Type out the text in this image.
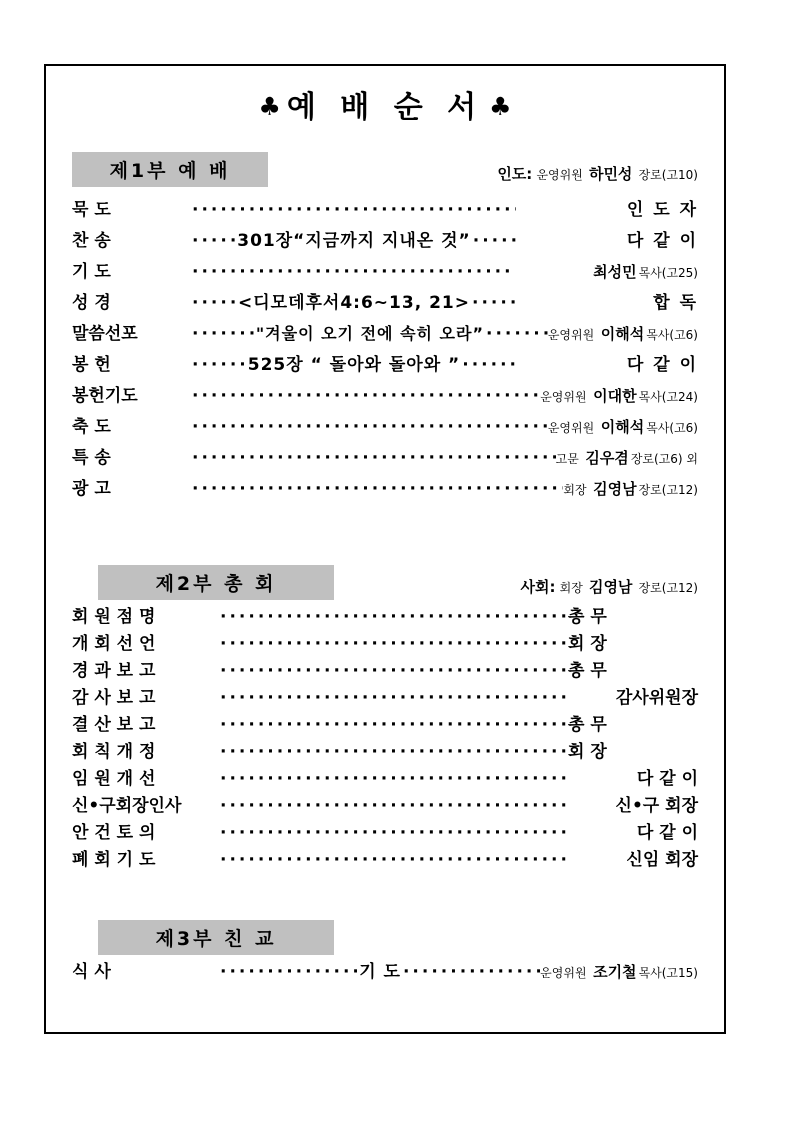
♣ 예 배 순 서 ♣
제1부 예 배	인도: 운영위원 하민성 장로(고10)
묵 도 ·····	인 도 자
찬 송 ·····	301장“지금까지 지내온 것” ·····	다 같 이
기 도 ·····	최성민 목사(고25)
성 경 ·····	<디모데후서4:6~13, 21> ·····	합 독
말씀선포 ·····	"겨울이 오기 전에 속히 오라” ·····	운영위원 이해석 목사(고6)
봉 헌 ·····	525장 “ 돌아와 돌아와 ” ·····	다 같 이
봉헌기도 ·····	운영위원 이대한 목사(고24)
축 도 ·····	운영위원 이해석 목사(고6)
특 송 ·····	고문 김우겸 장로(고6) 외
광 고 ·····	회장 김영남 장로(고12)
제2부 총 회	사회: 회장 김영남 장로(고12)
회 원 점 명 ·····	총 무
개 회 선 언 ·····	회 장
경 과 보 고 ·····	총 무
감 사 보 고 ·····	감사위원장
결 산 보 고 ·····	총 무
회 칙 개 정 ·····	회 장
임 원 개 선 ·····	다 같 이
신•구회장인사 ·····	신•구 회장
안 건 토 의 ·····	다 같 이
폐 회 기 도 ·····	신임 회장
제3부 친 교
식 사 ·····	기 도 ·····	운영위원 조기철 목사(고15)
